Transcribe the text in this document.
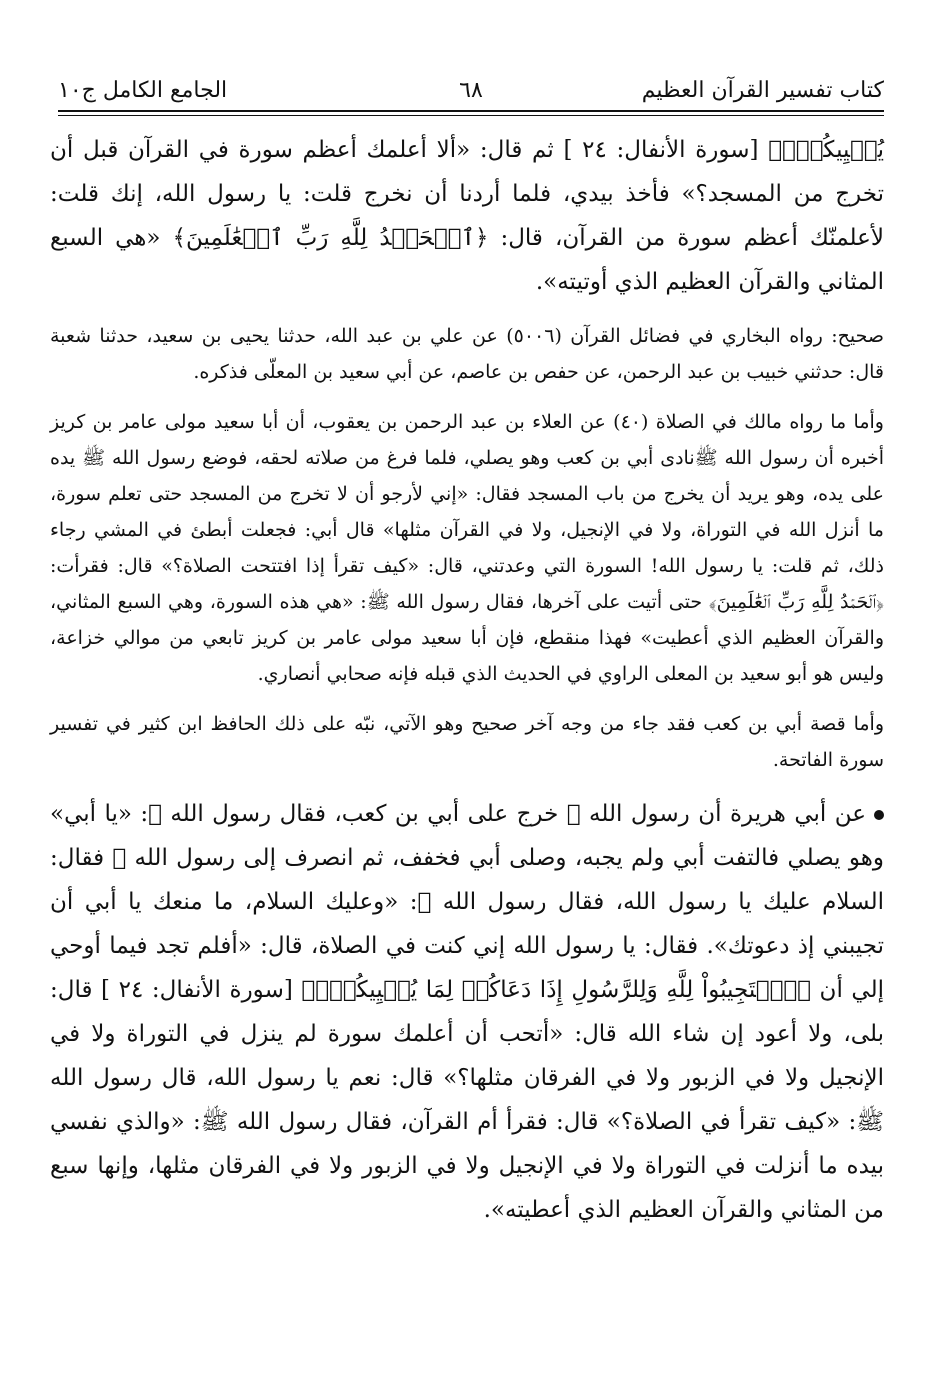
كتاب تفسير القرآن العظيم
٦٨
الجامع الكامل ج١٠

يُحۡيِيكُمۡۖ﴾ [سورة الأنفال: ٢٤ ] ثم قال: «ألا أعلمك أعظم سورة في القرآن قبل أن تخرج من المسجد؟» فأخذ بيدي، فلما أردنا أن نخرج قلت: يا رسول الله، إنك قلت: لأعلمنّك أعظم سورة من القرآن، قال: ﴿ٱلۡحَمۡدُ لِلَّهِ رَبِّ ٱلۡعَٰلَمِينَ﴾ «هي السبع المثاني والقرآن العظيم الذي أوتيته».

صحيح: رواه البخاري في فضائل القرآن (٥٠٠٦) عن علي بن عبد الله، حدثنا يحيى بن سعيد، حدثنا شعبة قال: حدثني خبيب بن عبد الرحمن، عن حفص بن عاصم، عن أبي سعيد بن المعلّى فذكره.

وأما ما رواه مالك في الصلاة (٤٠) عن العلاء بن عبد الرحمن بن يعقوب، أن أبا سعيد مولى عامر بن كريز أخبره أن رسول الله ﷺنادى أبي بن كعب وهو يصلي، فلما فرغ من صلاته لحقه، فوضع رسول الله ﷺ يده على يده، وهو يريد أن يخرج من باب المسجد فقال: «إني لأرجو أن لا تخرج من المسجد حتى تعلم سورة، ما أنزل الله في التوراة، ولا في الإنجيل، ولا في القرآن مثلها» قال أبي: فجعلت أبطئ في المشي رجاء ذلك، ثم قلت: يا رسول الله! السورة التي وعدتني، قال: «كيف تقرأ إذا افتتحت الصلاة؟» قال: فقرأت: ﴿ٱلۡحَمۡدُ لِلَّهِ رَبِّ ٱلۡعَٰلَمِينَ﴾ حتى أتيت على آخرها، فقال رسول الله ﷺ: «هي هذه السورة، وهي السبع المثاني، والقرآن العظيم الذي أعطيت» فهذا منقطع، فإن أبا سعيد مولى عامر بن كريز تابعي من موالي خزاعة، وليس هو أبو سعيد بن المعلى الراوي في الحديث الذي قبله فإنه صحابي أنصاري.

وأما قصة أبي بن كعب فقد جاء من وجه آخر صحيح وهو الآتي، نبّه على ذلك الحافظ ابن كثير في تفسير سورة الفاتحة.

عن أبي هريرة أن رسول الله ﷺ خرج على أبي بن كعب، فقال رسول الله ﷺ: «يا أبي» وهو يصلي فالتفت أبي ولم يجبه، وصلى أبي فخفف، ثم انصرف إلى رسول الله ﷺ فقال: السلام عليك يا رسول الله، فقال رسول الله ﷺ: «وعليك السلام، ما منعك يا أبي أن تجيبني إذ دعوتك». فقال: يا رسول الله إني كنت في الصلاة، قال: «أفلم تجد فيما أوحي إلي أن ﴿ٱسۡتَجِيبُواْ لِلَّهِ وَلِلرَّسُولِ إِذَا دَعَاكُمۡ لِمَا يُحۡيِيكُمۡۖ﴾ [سورة الأنفال: ٢٤ ] قال: بلى، ولا أعود إن شاء الله قال: «أتحب أن أعلمك سورة لم ينزل في التوراة ولا في الإنجيل ولا في الزبور ولا في الفرقان مثلها؟» قال: نعم يا رسول الله، قال رسول الله ﷺ: «كيف تقرأ في الصلاة؟» قال: فقرأ أم القرآن، فقال رسول الله ﷺ: «والذي نفسي بيده ما أنزلت في التوراة ولا في الإنجيل ولا في الزبور ولا في الفرقان مثلها، وإنها سبع من المثاني والقرآن العظيم الذي أعطيته».
